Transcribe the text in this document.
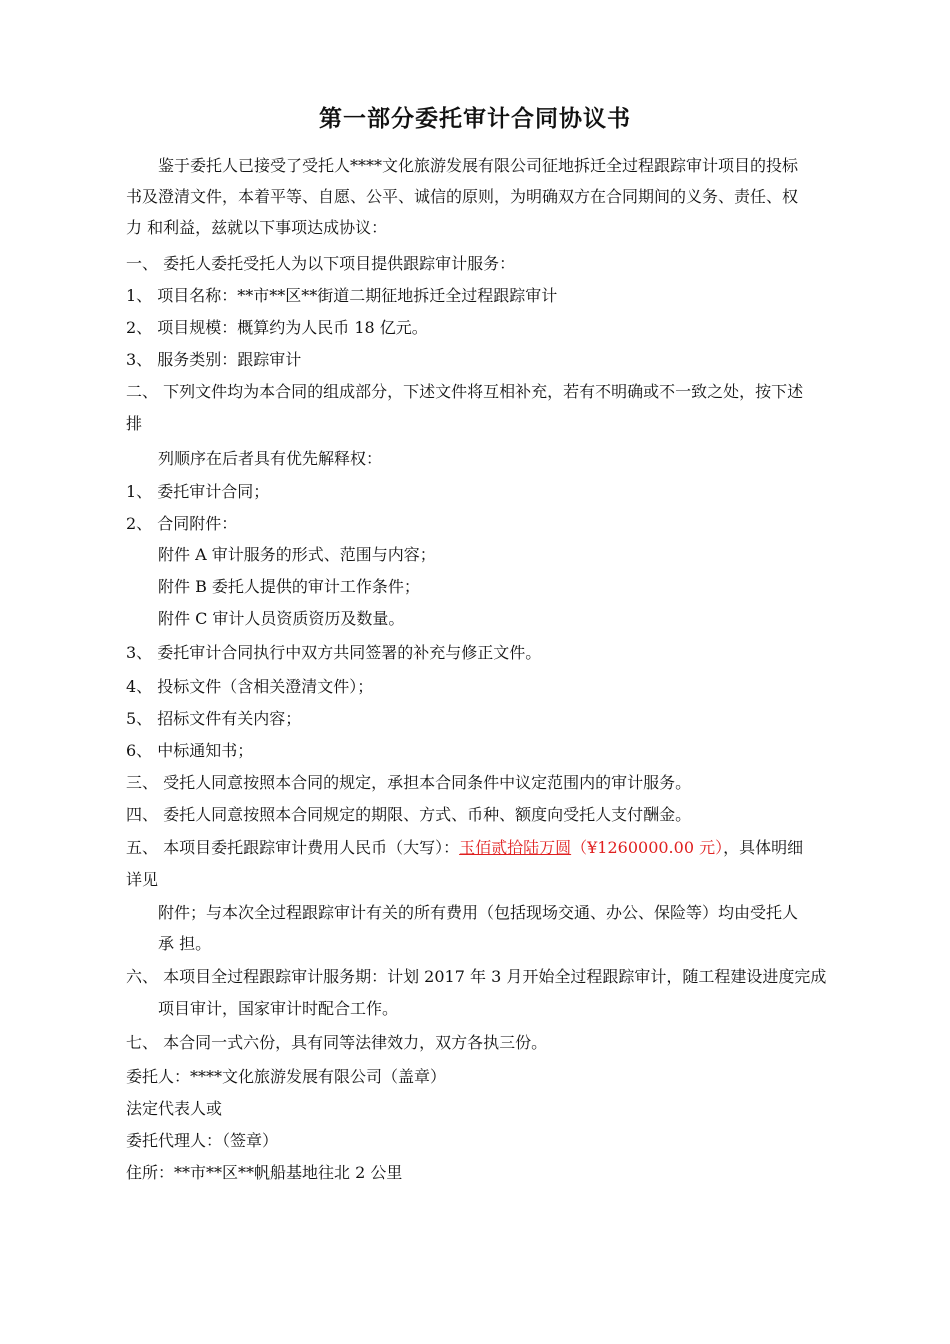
第一部分委托审计合同协议书
鉴于委托人已接受了受托人****文化旅游发展有限公司征地拆迁全过程跟踪审计项目的投标
书及澄清文件，本着平等、自愿、公平、诚信的原则，为明确双方在合同期间的义务、责任、权
力 和利益，兹就以下事项达成协议：
一、 委托人委托受托人为以下项目提供跟踪审计服务：
1、 项目名称：**市**区**街道二期征地拆迁全过程跟踪审计
2、 项目规模：概算约为人民币 18 亿元。
3、 服务类别：跟踪审计
二、 下列文件均为本合同的组成部分，下述文件将互相补充，若有不明确或不一致之处，按下述
排
列顺序在后者具有优先解释权：
1、 委托审计合同；
2、 合同附件：
附件 A 审计服务的形式、范围与内容；
附件 B 委托人提供的审计工作条件；
附件 C 审计人员资质资历及数量。
3、 委托审计合同执行中双方共同签署的补充与修正文件。
4、 投标文件（含相关澄清文件）；
5、 招标文件有关内容；
6、 中标通知书；
三、 受托人同意按照本合同的规定，承担本合同条件中议定范围内的审计服务。
四、 委托人同意按照本合同规定的期限、方式、币种、额度向受托人支付酬金。
五、 本项目委托跟踪审计费用人民币（大写）：玉佰贰拾陆万圆（¥1260000.00 元），具体明细
详见
附件；与本次全过程跟踪审计有关的所有费用（包括现场交通、办公、保险等）均由受托人
承 担。
六、 本项目全过程跟踪审计服务期：计划 2017 年 3 月开始全过程跟踪审计，随工程建设进度完成
项目审计，国家审计时配合工作。
七、 本合同一式六份，具有同等法律效力，双方各执三份。
委托人：****文化旅游发展有限公司（盖章）
法定代表人或
委托代理人：（签章）
住所：**市**区**帆船基地往北 2 公里
